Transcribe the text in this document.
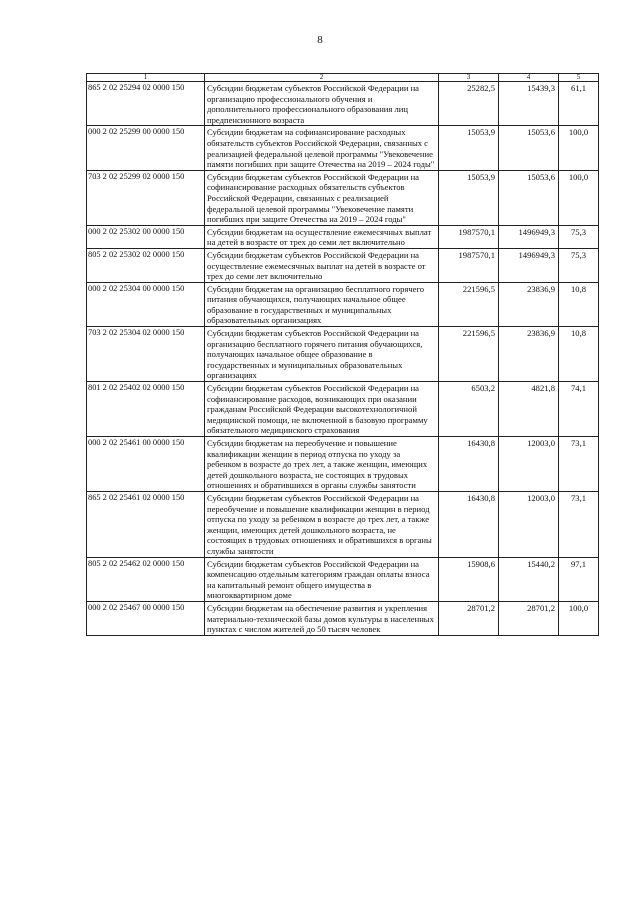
8
1	2	3	4	5
865 2 02 25294 02 0000 150	Субсидии бюджетам субъектов Российской Федерации на организацию профессионального обучения и дополнительного профессионального образования лиц предпенсионного возраста	25282,5	15439,3	61,1
000 2 02 25299 00 0000 150	Субсидии бюджетам на софинансирование расходных обязательств субъектов Российской Федерации, связанных с реализацией федеральной целевой программы "Увековечение памяти погибших при защите Отечества на 2019 – 2024 годы"	15053,9	15053,6	100,0
703 2 02 25299 02 0000 150	Субсидии бюджетам субъектов Российской Федерации на софинансирование расходных обязательств субъектов Российской Федерации, связанных с реализацией федеральной целевой программы "Увековечение памяти погибших при защите Отечества на 2019 – 2024 годы"	15053,9	15053,6	100,0
000 2 02 25302 00 0000 150	Субсидии бюджетам на осуществление ежемесячных выплат на детей в возрасте от трех до семи лет включительно	1987570,1	1496949,3	75,3
805 2 02 25302 02 0000 150	Субсидии бюджетам субъектов Российской Федерации на осуществление ежемесячных выплат на детей в возрасте от трех до семи лет включительно	1987570,1	1496949,3	75,3
000 2 02 25304 00 0000 150	Субсидии бюджетам на организацию бесплатного горячего питания обучающихся, получающих начальное общее образование в государственных и муниципальных образовательных организациях	221596,5	23836,9	10,8
703 2 02 25304 02 0000 150	Субсидии бюджетам субъектов Российской Федерации на организацию бесплатного горячего питания обучающихся, получающих начальное общее образование в государственных и муниципальных образовательных организациях	221596,5	23836,9	10,8
801 2 02 25402 02 0000 150	Субсидии бюджетам субъектов Российской Федерации на софинансирование расходов, возникающих при оказании гражданам Российской Федерации высокотехнологичной медицинской помощи, не включенной в базовую программу обязательного медицинского страхования	6503,2	4821,8	74,1
000 2 02 25461 00 0000 150	Субсидии бюджетам на переобучение и повышение квалификации женщин в период отпуска по уходу за ребенком в возрасте до трех лет, а также женщин, имеющих детей дошкольного возраста, не состоящих в трудовых отношениях и обратившихся в органы службы занятости	16430,8	12003,0	73,1
865 2 02 25461 02 0000 150	Субсидии бюджетам субъектов Российской Федерации на переобучение и повышение квалификации женщин в период отпуска по уходу за ребенком в возрасте до трех лет, а также женщин, имеющих детей дошкольного возраста, не состоящих в трудовых отношениях и обратившихся в органы службы занятости	16430,8	12003,0	73,1
805 2 02 25462 02 0000 150	Субсидии бюджетам субъектов Российской Федерации на компенсацию отдельным категориям граждан оплаты взноса на капитальный ремонт общего имущества в многоквартирном доме	15908,6	15440,2	97,1
000 2 02 25467 00 0000 150	Субсидии бюджетам на обеспечение развития и укрепления материально-технической базы домов культуры в населенных пунктах с числом жителей до 50 тысяч человек	28701,2	28701,2	100,0
